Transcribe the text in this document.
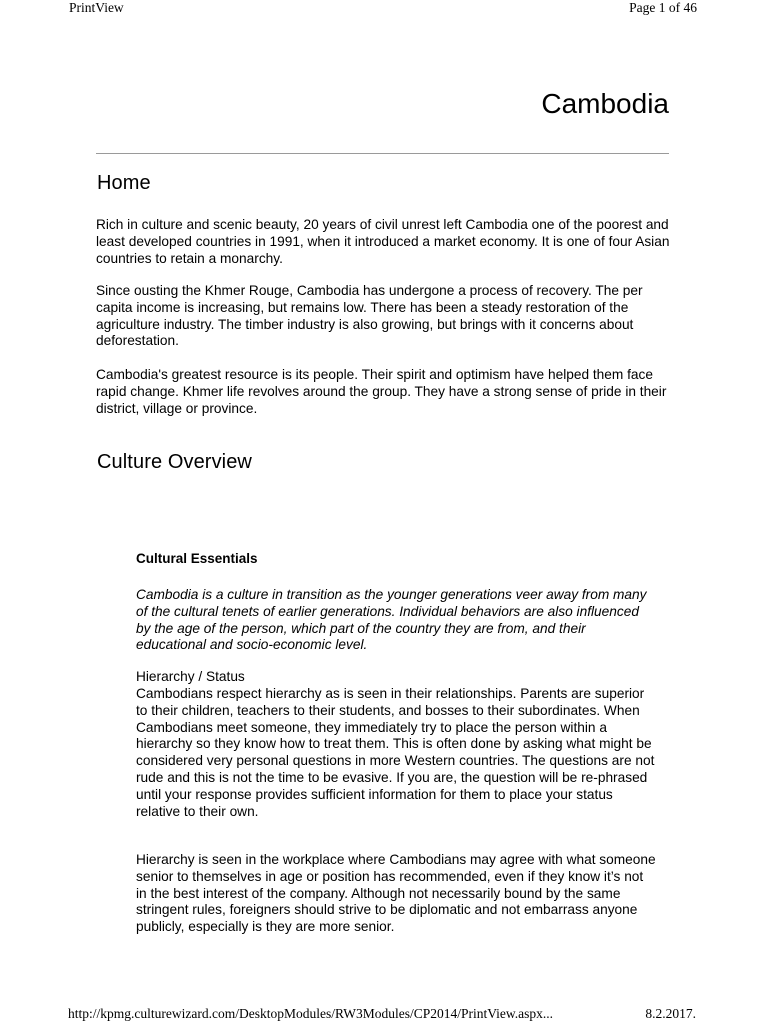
PrintView	Page 1 of 46
Cambodia
Home

Rich in culture and scenic beauty, 20 years of civil unrest left Cambodia one of the poorest and least developed countries in 1991, when it introduced a market economy. It is one of four Asian countries to retain a monarchy.

Since ousting the Khmer Rouge, Cambodia has undergone a process of recovery. The per capita income is increasing, but remains low. There has been a steady restoration of the agriculture industry. The timber industry is also growing, but brings with it concerns about deforestation.

Cambodia's greatest resource is its people. Their spirit and optimism have helped them face rapid change. Khmer life revolves around the group. They have a strong sense of pride in their district, village or province.

Culture Overview
Cultural Essentials

Cambodia is a culture in transition as the younger generations veer away from many of the cultural tenets of earlier generations. Individual behaviors are also influenced by the age of the person, which part of the country they are from, and their educational and socio-economic level.

Hierarchy / Status

Cambodians respect hierarchy as is seen in their relationships. Parents are superior to their children, teachers to their students, and bosses to their subordinates. When Cambodians meet someone, they immediately try to place the person within a hierarchy so they know how to treat them. This is often done by asking what might be considered very personal questions in more Western countries. The questions are not rude and this is not the time to be evasive. If you are, the question will be re-phrased until your response provides sufficient information for them to place your status relative to their own.

Hierarchy is seen in the workplace where Cambodians may agree with what someone senior to themselves in age or position has recommended, even if they know it’s not in the best interest of the company. Although not necessarily bound by the same stringent rules, foreigners should strive to be diplomatic and not embarrass anyone publicly, especially is they are more senior.

http://kpmg.culturewizard.com/DesktopModules/RW3Modules/CP2014/PrintView.aspx...	8.2.2017.
